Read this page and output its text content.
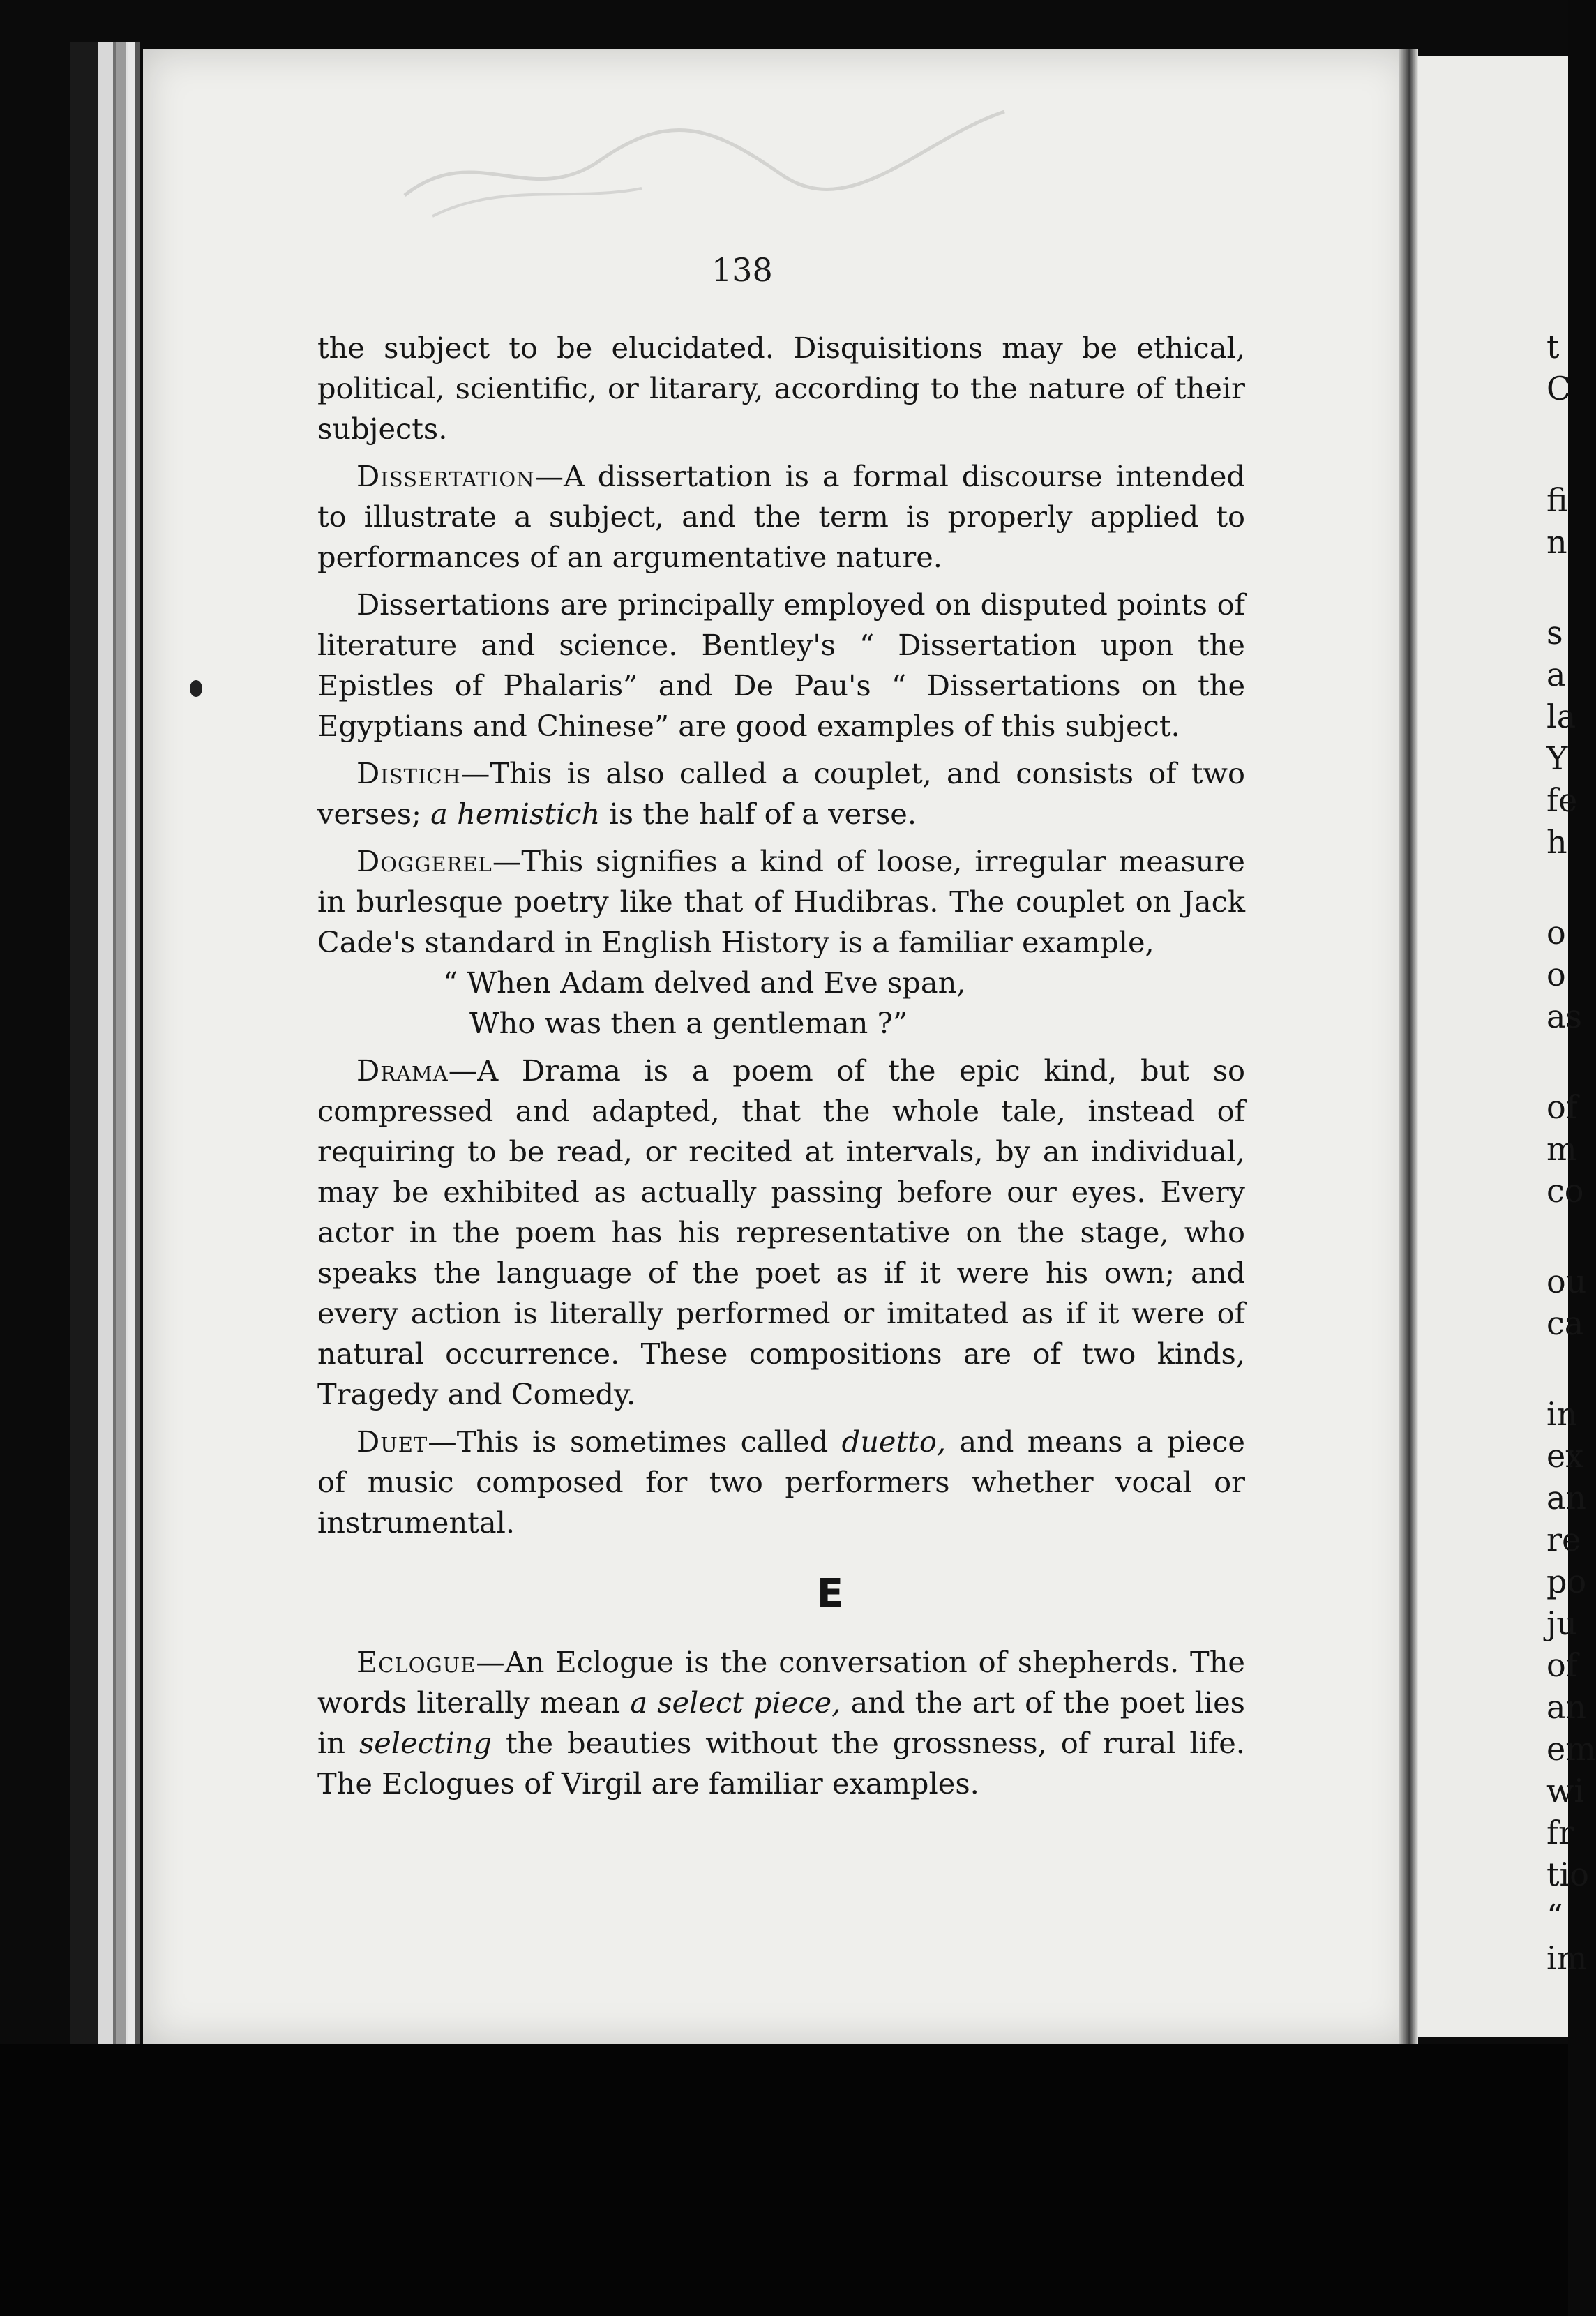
t
C
fi
n
s
a
la
Y
fe
h
o
o
as
of
m
co
ou
ca
in
ex
an
re
po
ju
of
an
em
wi
fr
tio
“
im
138

the subject to be elucidated. Disquisitions may be ethical, political, scientific, or litarary, according to the nature of their subjects.

Dissertation—A dissertation is a formal discourse intended to illustrate a subject, and the term is properly applied to performances of an argumentative nature.

Dissertations are principally employed on disputed points of literature and science. Bentley's “ Dissertation upon the Epistles of Phalaris” and De Pau's “ Dissertations on the Egyptians and Chinese” are good examples of this subject.

Distich—This is also called a couplet, and consists of two verses; a hemistich is the half of a verse.

Doggerel—This signifies a kind of loose, irregular measure in burlesque poetry like that of Hudibras. The couplet on Jack Cade's standard in English History is a familiar example,

“ When Adam delved and Eve span,
Who was then a gentleman ?”

Drama—A Drama is a poem of the epic kind, but so compressed and adapted, that the whole tale, instead of requiring to be read, or recited at intervals, by an individual, may be exhibited as actually passing before our eyes. Every actor in the poem has his representative on the stage, who speaks the language of the poet as if it were his own; and every action is literally performed or imitated as if it were of natural occurrence. These compositions are of two kinds, Tragedy and Comedy.

Duet—This is sometimes called duetto, and means a piece of music composed for two performers whether vocal or instrumental.

E

Eclogue—An Eclogue is the conversation of shepherds. The words literally mean a select piece, and the art of the poet lies in selecting the beauties without the grossness, of rural life. The Eclogues of Virgil are familiar examples.
